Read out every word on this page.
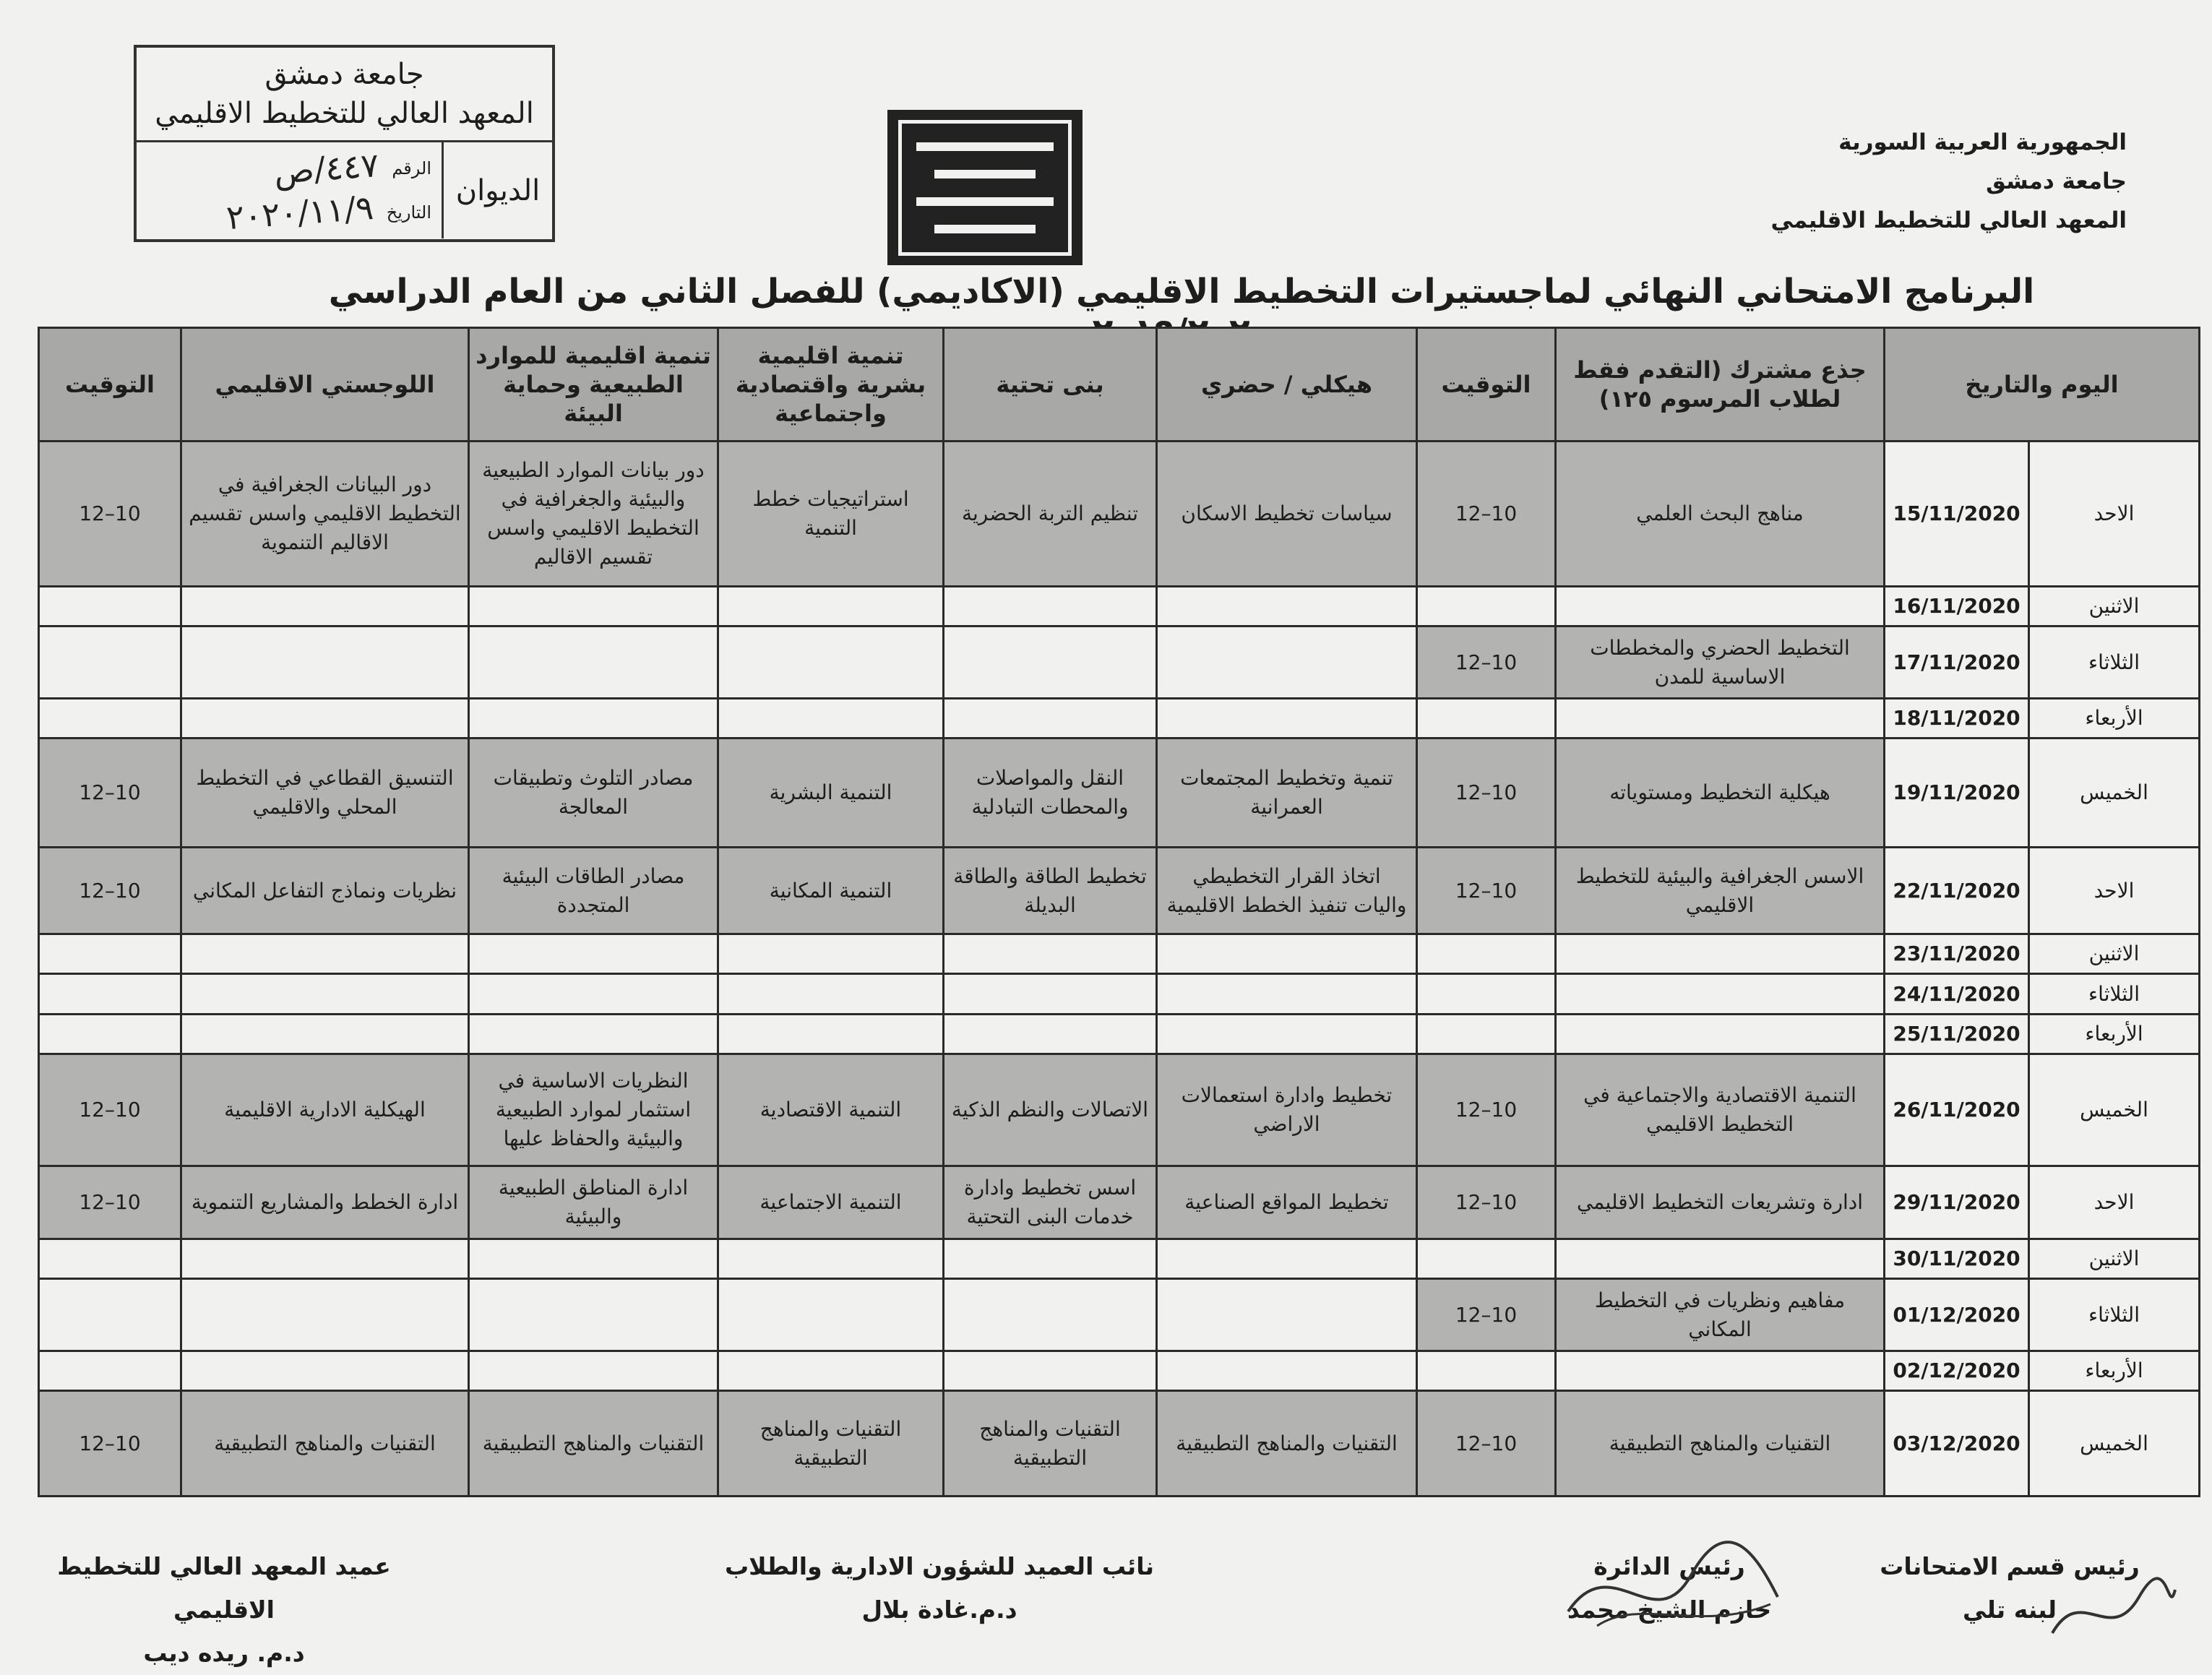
جامعة دمشق
المعهد العالي للتخطيط الاقليمي
الديوان
الرقم
٤٤٧/ص
التاريخ
٢٠٢٠/١١/٩
الجمهورية العربية السورية
جامعة دمشق
المعهد العالي للتخطيط الاقليمي
البرنامج الامتحاني النهائي لماجستيرات التخطيط الاقليمي (الاكاديمي) للفصل الثاني من العام الدراسي
اليوم والتاريخ		جذع مشترك (التقدم فقط لطلاب المرسوم ١٢٥)	التوقيت	هيكلي / حضري	بنى تحتية	تنمية اقليمية بشرية واقتصادية واجتماعية	تنمية اقليمية للموارد الطبيعية وحماية البيئة	اللوجستي الاقليمي	التوقيت
الاحد	15/11/2020	مناهج البحث العلمي	10–12	سياسات تخطيط الاسكان	تنظيم التربة الحضرية	استراتيجيات خطط التنمية	دور بيانات الموارد الطبيعية والبيئية والجغرافية في التخطيط الاقليمي واسس تقسيم الاقاليم	دور البيانات الجغرافية في التخطيط الاقليمي واسس تقسيم الاقاليم التنموية	10–12
الاثنين	16/11/2020								
الثلاثاء	17/11/2020	التخطيط الحضري والمخططات الاساسية للمدن	10–12						
الأربعاء	18/11/2020								
الخميس	19/11/2020	هيكلية التخطيط ومستوياته	10–12	تنمية وتخطيط المجتمعات العمرانية	النقل والمواصلات والمحطات التبادلية	التنمية البشرية	مصادر التلوث وتطبيقات المعالجة	التنسيق القطاعي في التخطيط المحلي والاقليمي	10–12
الاحد	22/11/2020	الاسس الجغرافية والبيئية للتخطيط الاقليمي	10–12	اتخاذ القرار التخطيطي واليات تنفيذ الخطط الاقليمية	تخطيط الطاقة والطاقة البديلة	التنمية المكانية	مصادر الطاقات البيئية المتجددة	نظريات ونماذج التفاعل المكاني	10–12
الاثنين	23/11/2020								
الثلاثاء	24/11/2020								
الأربعاء	25/11/2020								
الخميس	26/11/2020	التنمية الاقتصادية والاجتماعية في التخطيط الاقليمي	10–12	تخطيط وادارة استعمالات الاراضي	الاتصالات والنظم الذكية	التنمية الاقتصادية	النظريات الاساسية في استثمار لموارد الطبيعية والبيئية والحفاظ عليها	الهيكلية الادارية الاقليمية	10–12
الاحد	29/11/2020	ادارة وتشريعات التخطيط الاقليمي	10–12	تخطيط المواقع الصناعية	اسس تخطيط وادارة خدمات البنى التحتية	التنمية الاجتماعية	ادارة المناطق الطبيعية والبيئية	ادارة الخطط والمشاريع التنموية	10–12
الاثنين	30/11/2020								
الثلاثاء	01/12/2020	مفاهيم ونظريات في التخطيط المكاني	10–12						
الأربعاء	02/12/2020								
الخميس	03/12/2020	التقنيات والمناهج التطبيقية	10–12	التقنيات والمناهج التطبيقية	التقنيات والمناهج التطبيقية	التقنيات والمناهج التطبيقية	التقنيات والمناهج التطبيقية	التقنيات والمناهج التطبيقية	10–12
رئيس قسم الامتحانات
لبنه تلي
رئيس الدائرة
حازم الشيخ محمد
نائب العميد للشؤون الادارية والطلاب
د.م.غادة بلال
عميد المعهد العالي للتخطيط الاقليمي
د.م. ريده ديب
